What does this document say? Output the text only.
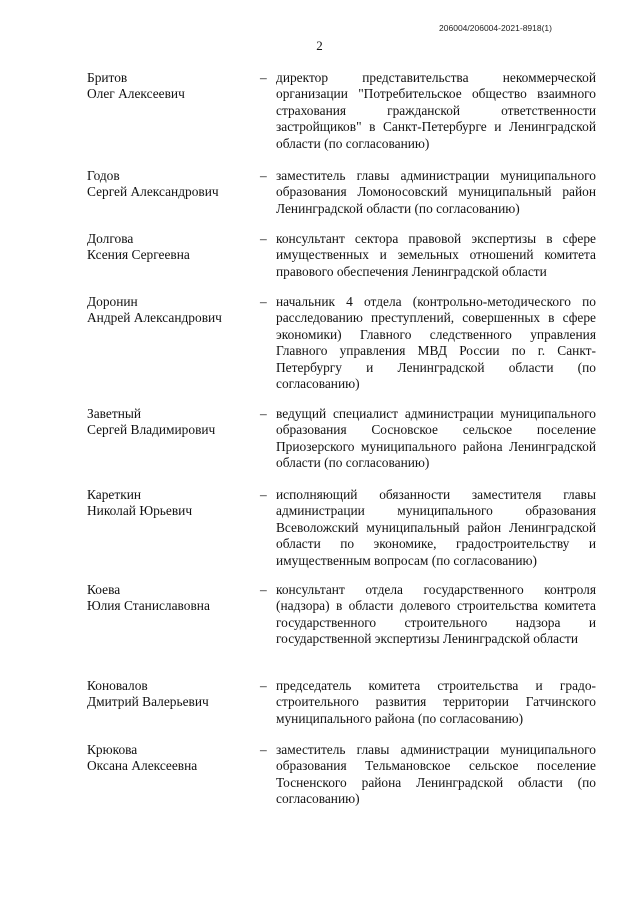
206004/206004-2021-8918(1)
2
Бритов
Олег Алексеевич
– директор представительства некоммерческой организации "Потребительское общество взаимного страхования гражданской ответственности застройщиков" в Санкт-Петербурге и Ленинградской области (по согласованию)
Годов
Сергей Александрович
– заместитель главы администрации муниципального образования Ломоносовский муниципальный район Ленинградской области (по согласованию)
Долгова
Ксения Сергеевна
– консультант сектора правовой экспертизы в сфере имущественных и земельных отношений комитета правового обеспечения Ленинградской области
Доронин
Андрей Александрович
– начальник 4 отдела (контрольно-методического по расследованию преступлений, совершенных в сфере экономики) Главного следственного управления Главного управления МВД России по г. Санкт-Петербургу и Ленинградской области (по согласованию)
Заветный
Сергей Владимирович
– ведущий специалист администрации муниципального образования Сосновское сельское поселение Приозерского муниципального района Ленинградской области (по согласованию)
Кареткин
Николай Юрьевич
– исполняющий обязанности заместителя главы администрации муниципального образования Всеволожский муниципальный район Ленинградской области по экономике, градостроительству и имущественным вопросам (по согласованию)
Коева
Юлия Станиславовна
– консультант отдела государственного контроля (надзора) в области долевого строительства комитета государственного строительного надзора и государственной экспертизы Ленинградской области
Коновалов
Дмитрий Валерьевич
– председатель комитета строительства и градостроительного развития территории Гатчинского муниципального района (по согласованию)
Крюкова
Оксана Алексеевна
– заместитель главы администрации муниципального образования Тельмановское сельское поселение Тосненского района Ленинградской области (по согласованию)
